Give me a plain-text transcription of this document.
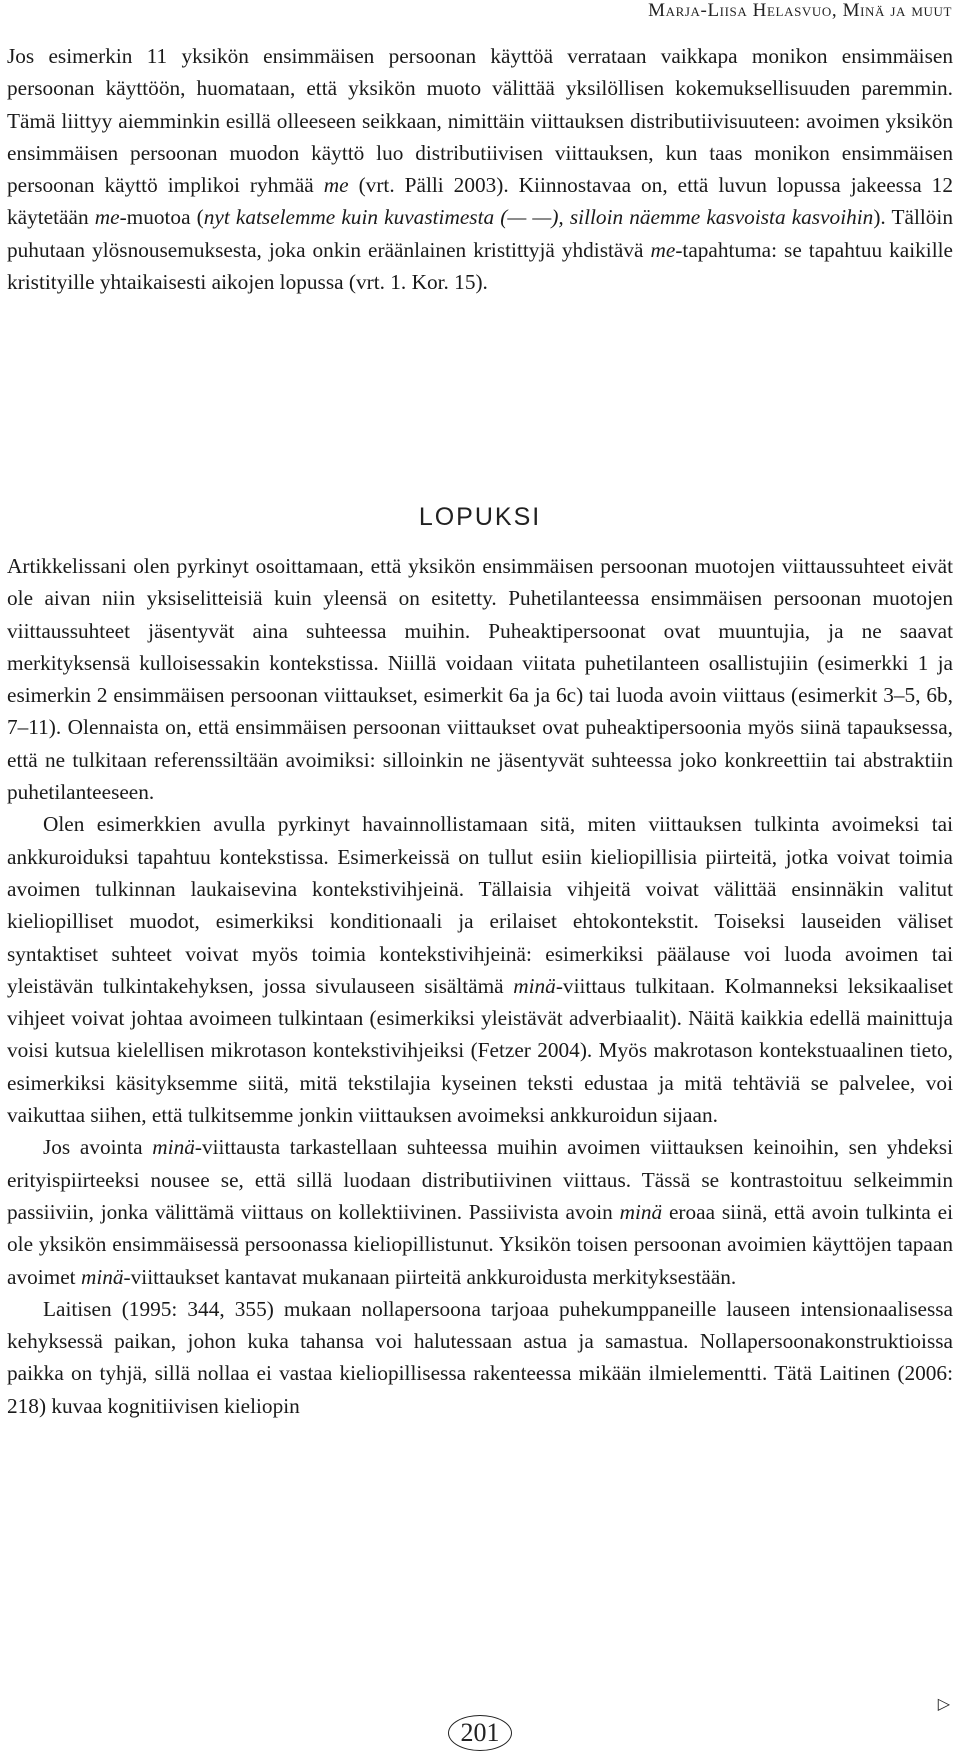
Marja-Liisa Helasvuo, Minä ja muut

Jos esimerkin 11 yksikön ensimmäisen persoonan käyttöä verrataan vaikkapa monikon ensimmäisen persoonan käyttöön, huomataan, että yksikön muoto välittää yksilöllisen kokemuksellisuuden paremmin. Tämä liittyy aiemminkin esillä olleeseen seikkaan, nimittäin viittauksen distributiivisuuteen: avoimen yksikön ensimmäisen persoonan muodon käyttö luo distributiivisen viittauksen, kun taas monikon ensimmäisen persoonan käyttö implikoi ryhmää me (vrt. Pälli 2003). Kiinnostavaa on, että luvun lopussa jakeessa 12 käytetään me-muotoa (nyt katselemme kuin kuvastimesta (— —), silloin näemme kasvoista kasvoihin). Tällöin puhutaan ylösnousemuksesta, joka onkin eräänlainen kristittyjä yhdistävä me-tapahtuma: se tapahtuu kaikille kristityille yhtaikaisesti aikojen lopussa (vrt. 1. Kor. 15).

LOPUKSI

Artikkelissani olen pyrkinyt osoittamaan, että yksikön ensimmäisen persoonan muotojen viittaussuhteet eivät ole aivan niin yksiselitteisiä kuin yleensä on esitetty. Puhetilanteessa ensimmäisen persoonan muotojen viittaussuhteet jäsentyvät aina suhteessa muihin. Puheaktipersoonat ovat muuntujia, ja ne saavat merkityksensä kulloisessakin kontekstissa. Niillä voidaan viitata puhetilanteen osallistujiin (esimerkki 1 ja esimerkin 2 ensimmäisen persoonan viittaukset, esimerkit 6a ja 6c) tai luoda avoin viittaus (esimerkit 3–5, 6b, 7–11). Olennaista on, että ensimmäisen persoonan viittaukset ovat puheaktipersoonia myös siinä tapauksessa, että ne tulkitaan referenssiltään avoimiksi: silloinkin ne jäsentyvät suhteessa joko konkreettiin tai abstraktiin puhetilanteeseen.

Olen esimerkkien avulla pyrkinyt havainnollistamaan sitä, miten viittauksen tulkinta avoimeksi tai ankkuroiduksi tapahtuu kontekstissa. Esimerkeissä on tullut esiin kieliopillisia piirteitä, jotka voivat toimia avoimen tulkinnan laukaisevina kontekstivihjeinä. Tällaisia vihjeitä voivat välittää ensinnäkin valitut kieliopilliset muodot, esimerkiksi konditionaali ja erilaiset ehtokontekstit. Toiseksi lauseiden väliset syntaktiset suhteet voivat myös toimia kontekstivihjeinä: esimerkiksi päälause voi luoda avoimen tai yleistävän tulkintakehyksen, jossa sivulauseen sisältämä minä-viittaus tulkitaan. Kolmanneksi leksikaaliset vihjeet voivat johtaa avoimeen tulkintaan (esimerkiksi yleistävät adverbiaalit). Näitä kaikkia edellä mainittuja voisi kutsua kielellisen mikrotason kontekstivihjeiksi (Fetzer 2004). Myös makrotason kontekstuaalinen tieto, esimerkiksi käsityksemme siitä, mitä tekstilajia kyseinen teksti edustaa ja mitä tehtäviä se palvelee, voi vaikuttaa siihen, että tulkitsemme jonkin viittauksen avoimeksi ankkuroidun sijaan.

Jos avointa minä-viittausta tarkastellaan suhteessa muihin avoimen viittauksen keinoihin, sen yhdeksi erityispiirteeksi nousee se, että sillä luodaan distributiivinen viittaus. Tässä se kontrastoituu selkeimmin passiiviin, jonka välittämä viittaus on kollektiivinen. Passiivista avoin minä eroaa siinä, että avoin tulkinta ei ole yksikön ensimmäisessä persoonassa kieliopillistunut. Yksikön toisen persoonan avoimien käyttöjen tapaan avoimet minä-viittaukset kantavat mukanaan piirteitä ankkuroidusta merkityksestään.

Laitisen (1995: 344, 355) mukaan nollapersoona tarjoaa puhekumppaneille lauseen intensionaalisessa kehyksessä paikan, johon kuka tahansa voi halutessaan astua ja samastua. Nollapersoonakonstruktioissa paikka on tyhjä, sillä nollaa ei vastaa kieliopillisessa rakenteessa mikään ilmielementti. Tätä Laitinen (2006: 218) kuvaa kognitiivisen kieliopin

▷
201
